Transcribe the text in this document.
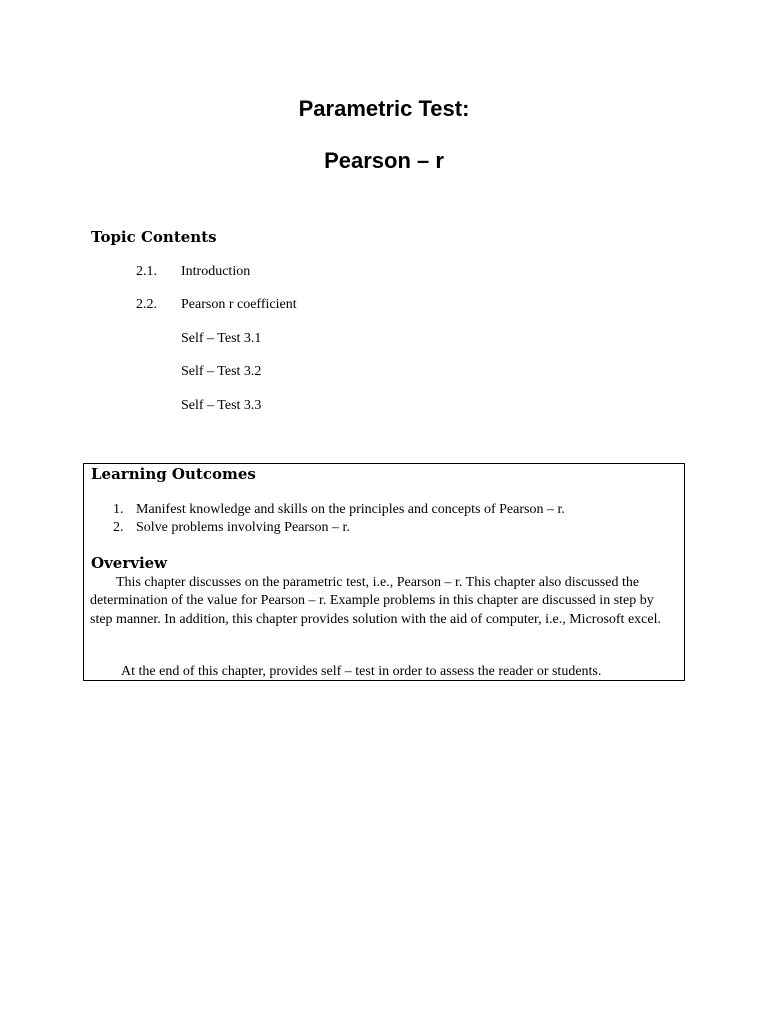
Parametric Test:
Pearson – r
Topic Contents
2.1. Introduction
2.2. Pearson r coefficient
Self – Test 3.1
Self – Test 3.2
Self – Test 3.3
Learning Outcomes
1. Manifest knowledge and skills on the principles and concepts of Pearson – r.
2. Solve problems involving Pearson – r.
Overview

This chapter discusses on the parametric test, i.e., Pearson – r. This chapter also discussed the determination of the value for Pearson – r. Example problems in this chapter are discussed in step by step manner. In addition, this chapter provides solution with the aid of computer, i.e., Microsoft excel.

At the end of this chapter, provides self – test in order to assess the reader or students.
